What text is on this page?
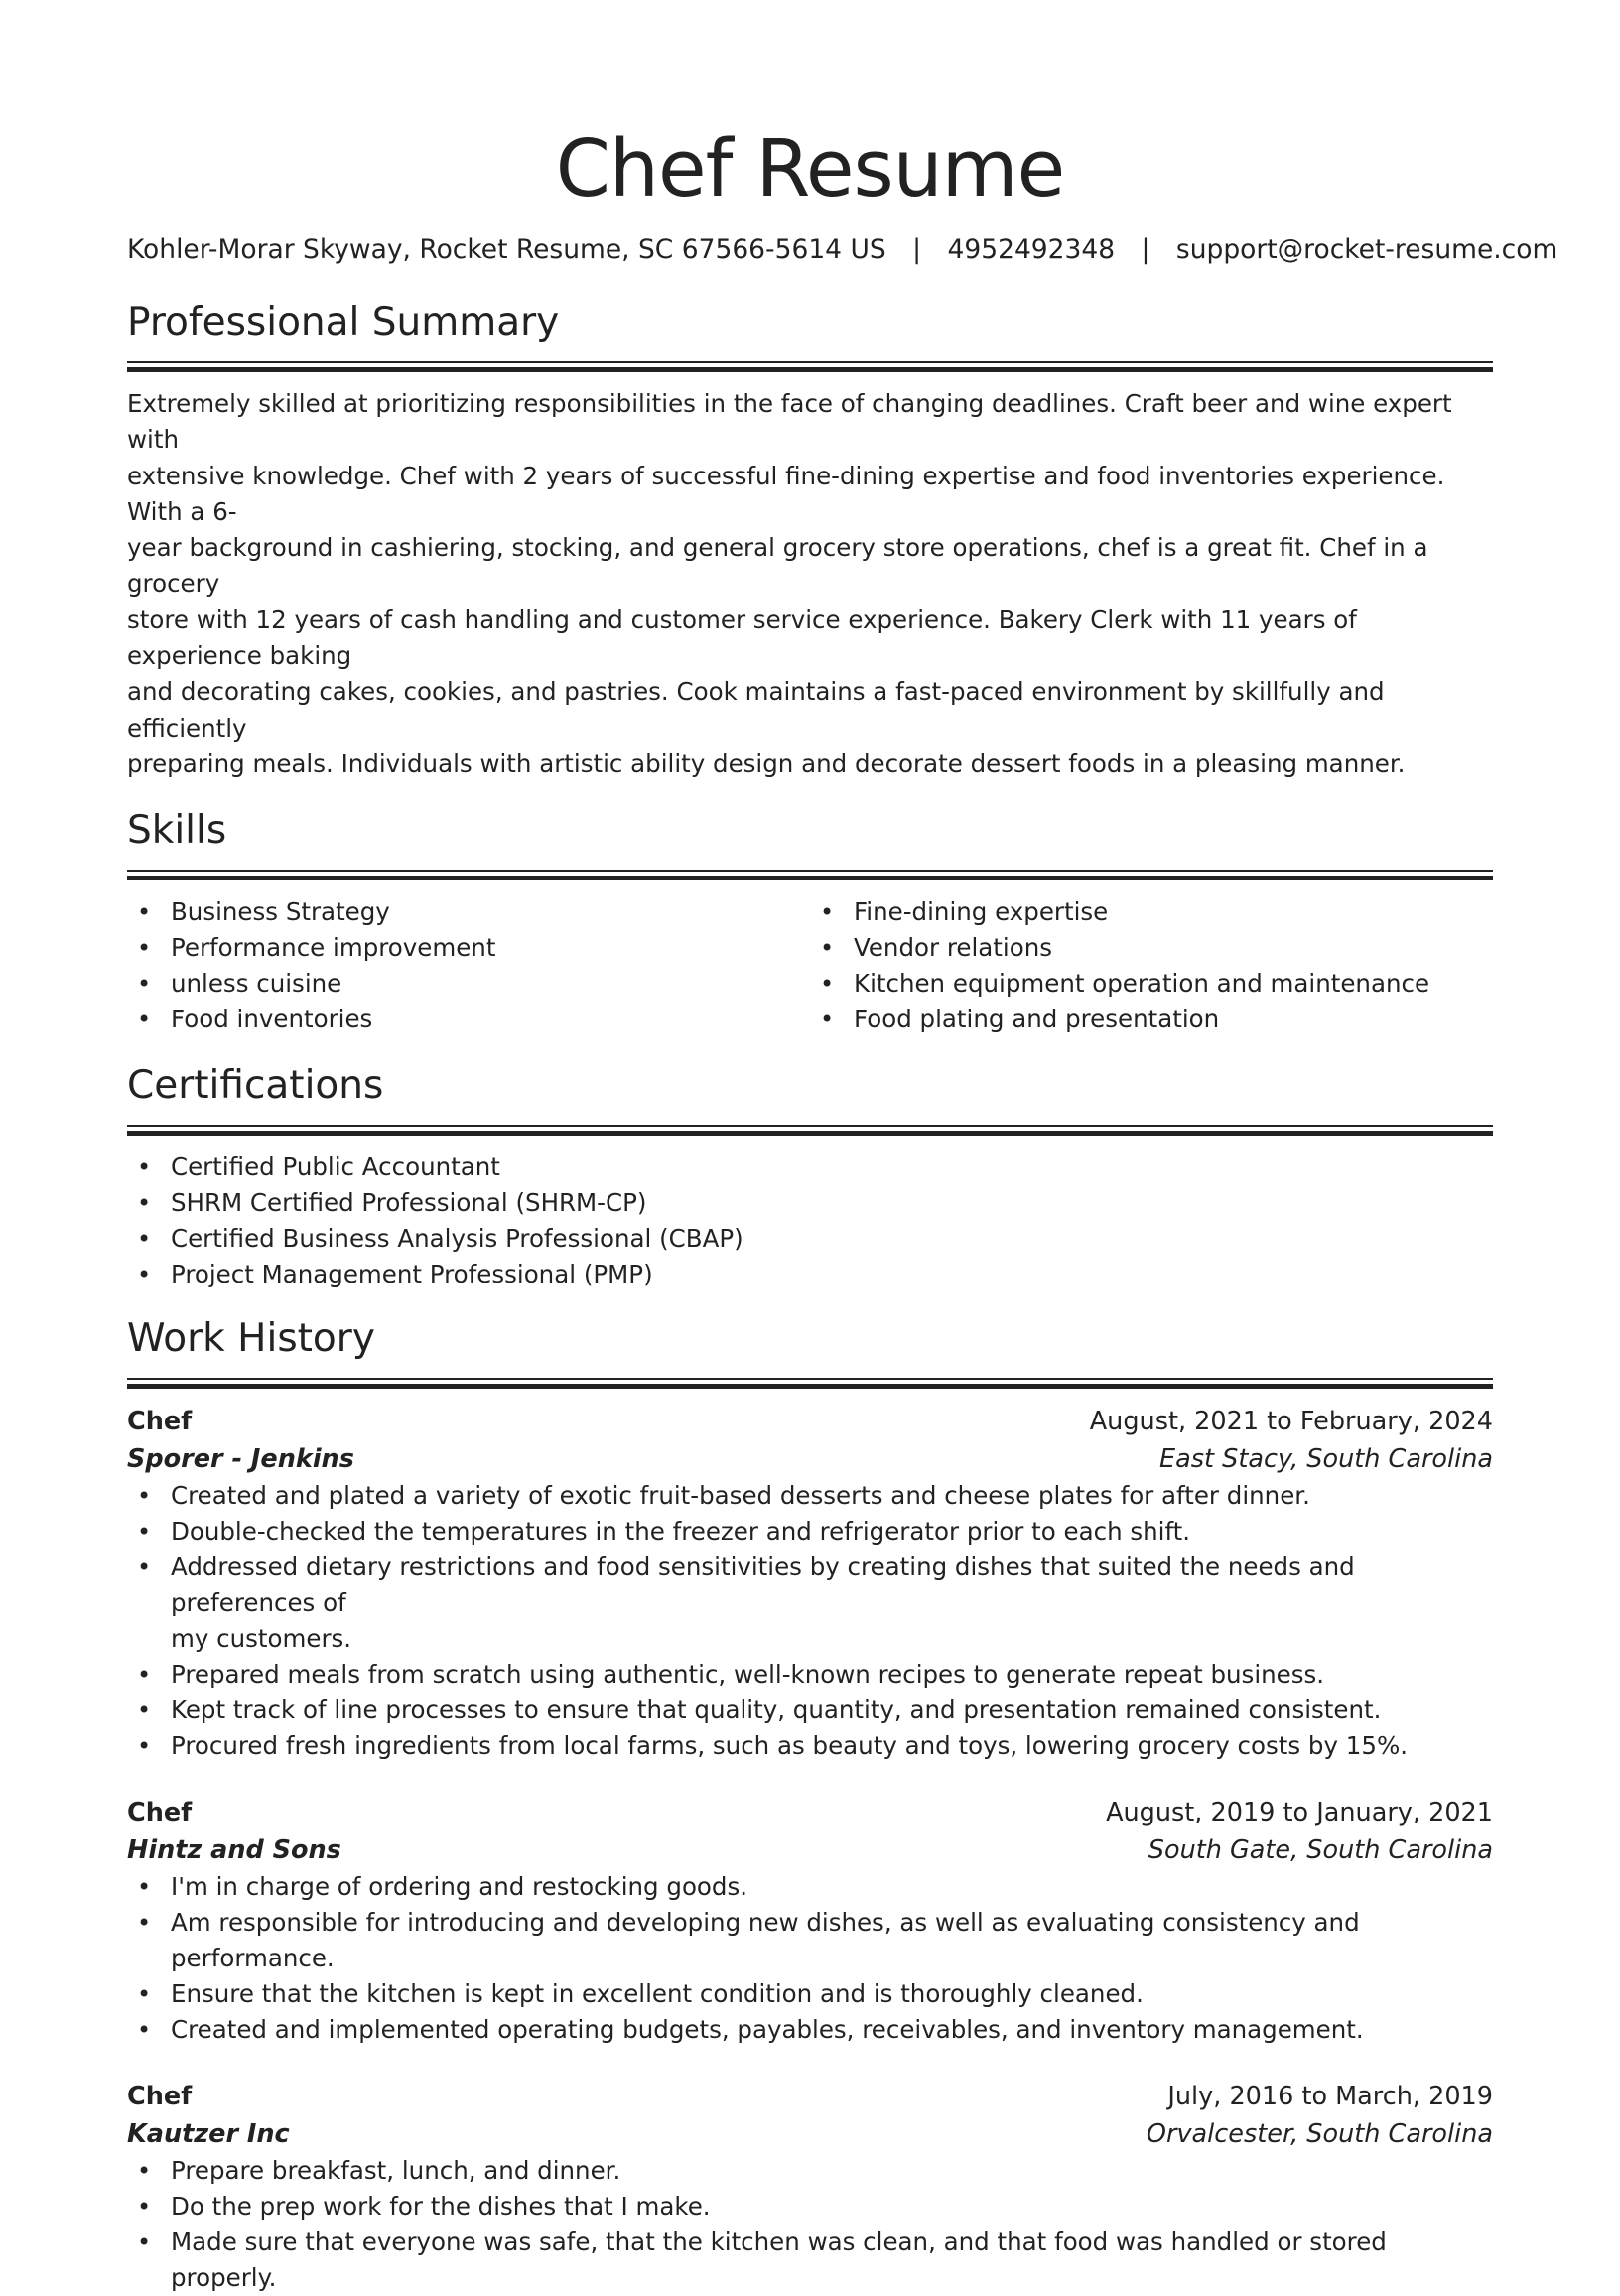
Chef Resume
Kohler-Morar Skyway, Rocket Resume, SC 67566-5614 US | 4952492348 | support@rocket-resume.com
Professional Summary
Extremely skilled at prioritizing responsibilities in the face of changing deadlines. Craft beer and wine expert with
extensive knowledge. Chef with 2 years of successful fine-dining expertise and food inventories experience. With a 6-
year background in cashiering, stocking, and general grocery store operations, chef is a great fit. Chef in a grocery
store with 12 years of cash handling and customer service experience. Bakery Clerk with 11 years of experience baking
and decorating cakes, cookies, and pastries. Cook maintains a fast-paced environment by skillfully and efficiently
preparing meals. Individuals with artistic ability design and decorate dessert foods in a pleasing manner.
Skills
• Business Strategy
• Performance improvement
• unless cuisine
• Food inventories
• Fine-dining expertise
• Vendor relations
• Kitchen equipment operation and maintenance
• Food plating and presentation
Certifications
• Certified Public Accountant
• SHRM Certified Professional (SHRM-CP)
• Certified Business Analysis Professional (CBAP)
• Project Management Professional (PMP)
Work History
Chef	August, 2021 to February, 2024
Sporer - Jenkins	East Stacy, South Carolina
• Created and plated a variety of exotic fruit-based desserts and cheese plates for after dinner.
• Double-checked the temperatures in the freezer and refrigerator prior to each shift.
• Addressed dietary restrictions and food sensitivities by creating dishes that suited the needs and preferences of
my customers.
• Prepared meals from scratch using authentic, well-known recipes to generate repeat business.
• Kept track of line processes to ensure that quality, quantity, and presentation remained consistent.
• Procured fresh ingredients from local farms, such as beauty and toys, lowering grocery costs by 15%.
Chef	August, 2019 to January, 2021
Hintz and Sons	South Gate, South Carolina
• I'm in charge of ordering and restocking goods.
• Am responsible for introducing and developing new dishes, as well as evaluating consistency and performance.
• Ensure that the kitchen is kept in excellent condition and is thoroughly cleaned.
• Created and implemented operating budgets, payables, receivables, and inventory management.
Chef	July, 2016 to March, 2019
Kautzer Inc	Orvalcester, South Carolina
• Prepare breakfast, lunch, and dinner.
• Do the prep work for the dishes that I make.
• Made sure that everyone was safe, that the kitchen was clean, and that food was handled or stored properly.
